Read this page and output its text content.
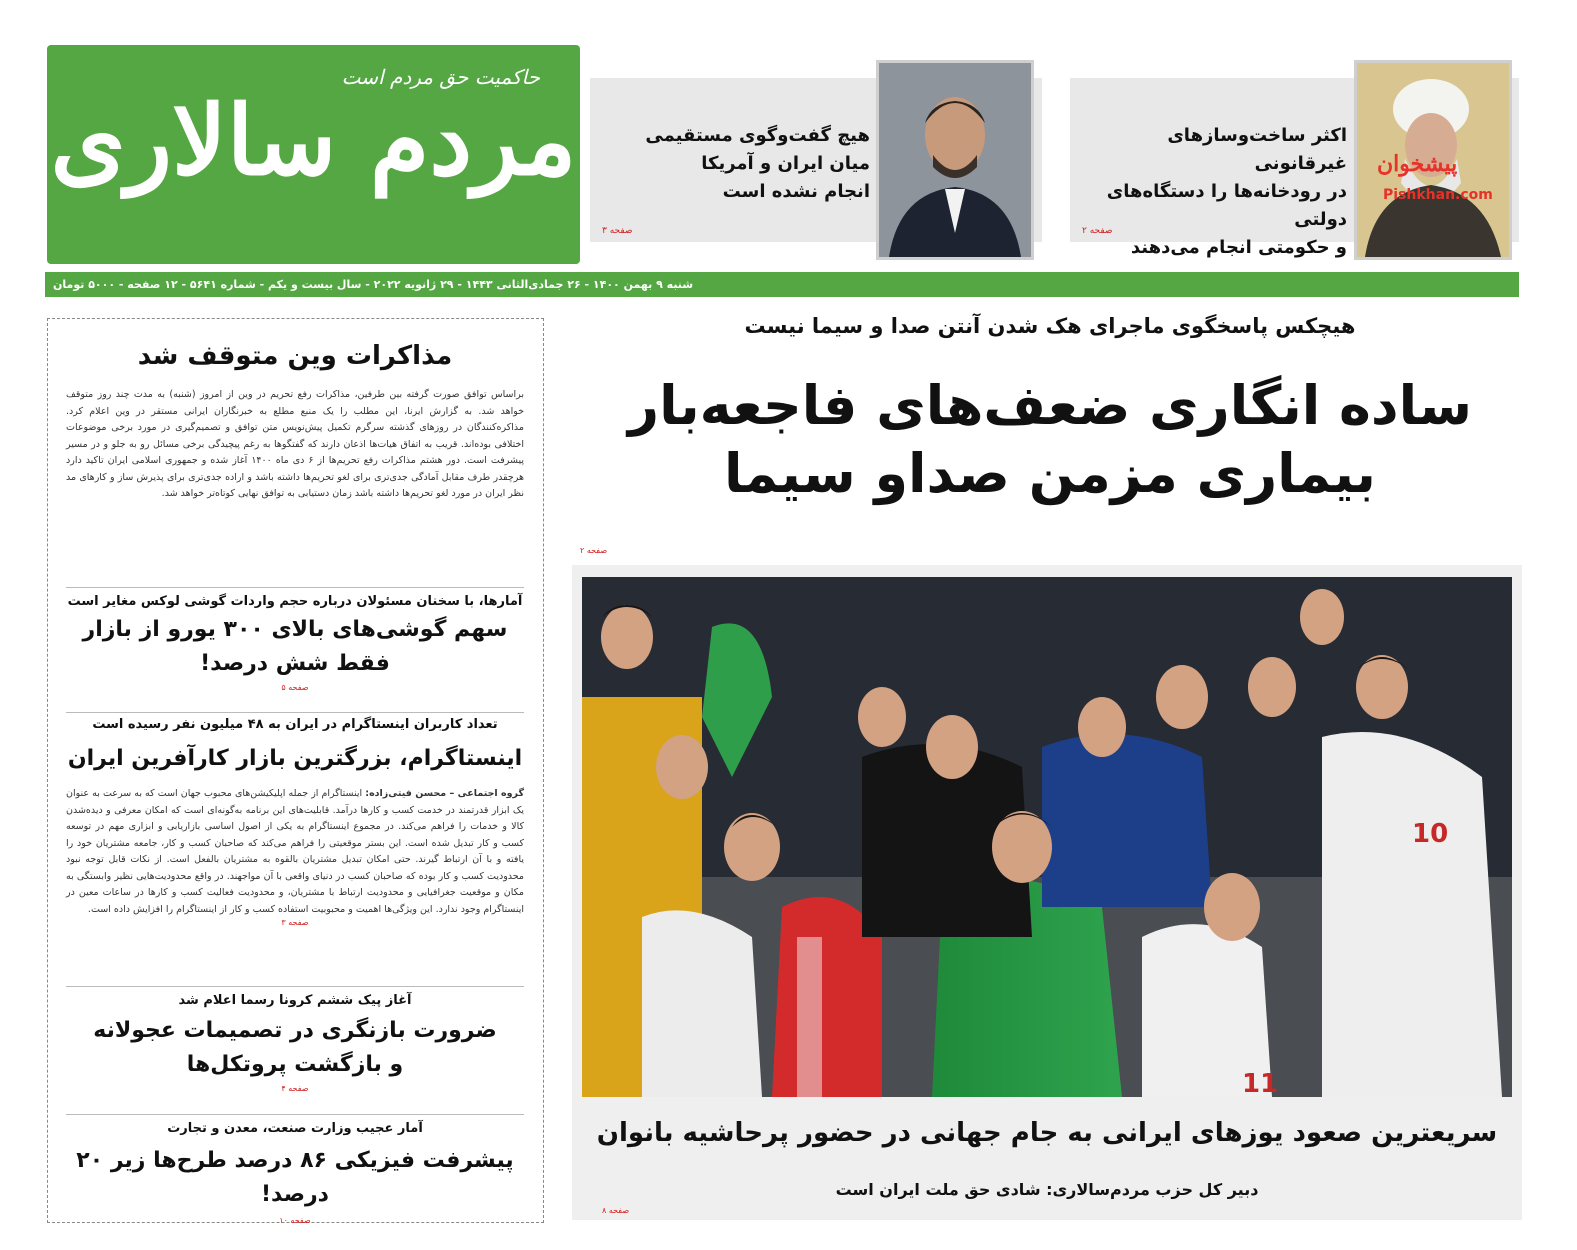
حاکمیت حق مردم است
مردم سالاری	هیچ گفت‌وگوی مستقیمی
میان ایران و آمریکا
انجام نشده است
صفحه ۳
پیشخوان
Pishkhan.com
اکثر ساخت‌وسازهای غیرقانونی
در رودخانه‌ها را دستگاه‌های دولتی
و حکومتی انجام می‌دهند
صفحه ۲
شنبه ۹ بهمن ۱۴۰۰ - ۲۶ جمادی‌الثانی ۱۴۴۳ - ۲۹ ژانویه ۲۰۲۲ - سال بیست و یکم - شماره ۵۶۴۱ - ۱۲ صفحه - ۵۰۰۰ تومان
مذاکرات وین متوقف شد
براساس توافق صورت گرفته بین طرفین، مذاکرات رفع تحریم در وین از امروز (شنبه) به مدت چند روز متوقف خواهد شد. به گزارش ایرنا، این مطلب را یک منبع مطلع به خبرنگاران ایرانی مستقر در وین اعلام کرد. مذاکره‌کنندگان در روزهای گذشته سرگرم تکمیل پیش‌نویس متن توافق و تصمیم‌گیری در مورد برخی موضوعات اختلافی بوده‌اند. قریب به اتفاق هیات‌ها اذعان دارند که گفتگوها به رغم پیچیدگی برخی مسائل رو به جلو و در مسیر پیشرفت است. دور هشتم مذاکرات رفع تحریم‌ها از ۶ دی ماه ۱۴۰۰ آغاز شده و جمهوری اسلامی ایران تاکید دارد هرچقدر طرف مقابل آمادگی جدی‌تری برای لغو تحریم‌ها داشته باشد و اراده جدی‌تری برای پذیرش ساز و کارهای مد نظر ایران در مورد لغو تحریم‌ها داشته باشد زمان دستیابی به توافق نهایی کوتاه‌تر خواهد شد.
آمارها، با سخنان مسئولان درباره حجم واردات گوشی لوکس مغایر است
سهم گوشی‌های بالای ۳۰۰ یورو از بازار
فقط شش درصد!
صفحه ۵
تعداد کاربران اینستاگرام در ایران به ۴۸ میلیون نفر رسیده است
اینستاگرام، بزرگترین بازار کارآفرین ایران
گروه اجتماعی – محسن فیتی‌زاده: اینستاگرام از جمله اپلیکیشن‌های محبوب جهان است که به سرعت به عنوان یک ابزار قدرتمند در خدمت کسب و کارها درآمد. قابلیت‌های این برنامه به‌گونه‌ای است که امکان معرفی و دیده‌شدن کالا و خدمات را فراهم می‌کند. در مجموع اینستاگرام به یکی از اصول اساسی بازاریابی و ابزاری مهم در توسعه کسب و کار تبدیل شده است. این بستر موقعیتی را فراهم می‌کند که صاحبان کسب و کار، جامعه مشتریان خود را یافته و با آن ارتباط گیرند. حتی امکان تبدیل مشتریان بالقوه به مشتریان بالفعل است. از نکات قابل توجه نبود محدودیت کسب و کار بوده که صاحبان کسب در دنیای واقعی با آن مواجهند. در واقع محدودیت‌هایی نظیر وابستگی به مکان و موقعیت جغرافیایی و محدودیت ارتباط با مشتریان، و محدودیت فعالیت کسب و کارها در ساعات معین در اینستاگرام وجود ندارد. این ویژگی‌ها اهمیت و محبوبیت استفاده کسب و کار از اینستاگرام را افزایش داده است.
صفحه ۳
آغاز پیک ششم کرونا رسما اعلام شد
ضرورت بازنگری در تصمیمات عجولانه
و بازگشت پروتکل‌ها
صفحه ۴
آمار عجیب وزارت صنعت، معدن و تجارت
پیشرفت فیزیکی ۸۶ درصد طرح‌ها زیر ۲۰ درصد!
صفحه ۱۰
هیچکس پاسخگوی ماجرای هک شدن آنتن صدا و سیما نیست
ساده انگاری ضعف‌های فاجعه‌بار
بیماری مزمن صداو سیما
صفحه ۲
10
11
سریعترین صعود یوزهای ایرانی به جام جهانی در حضور پرحاشیه بانوان
دبیر کل حزب مردم‌سالاری: شادی حق ملت ایران است
صفحه ۸
